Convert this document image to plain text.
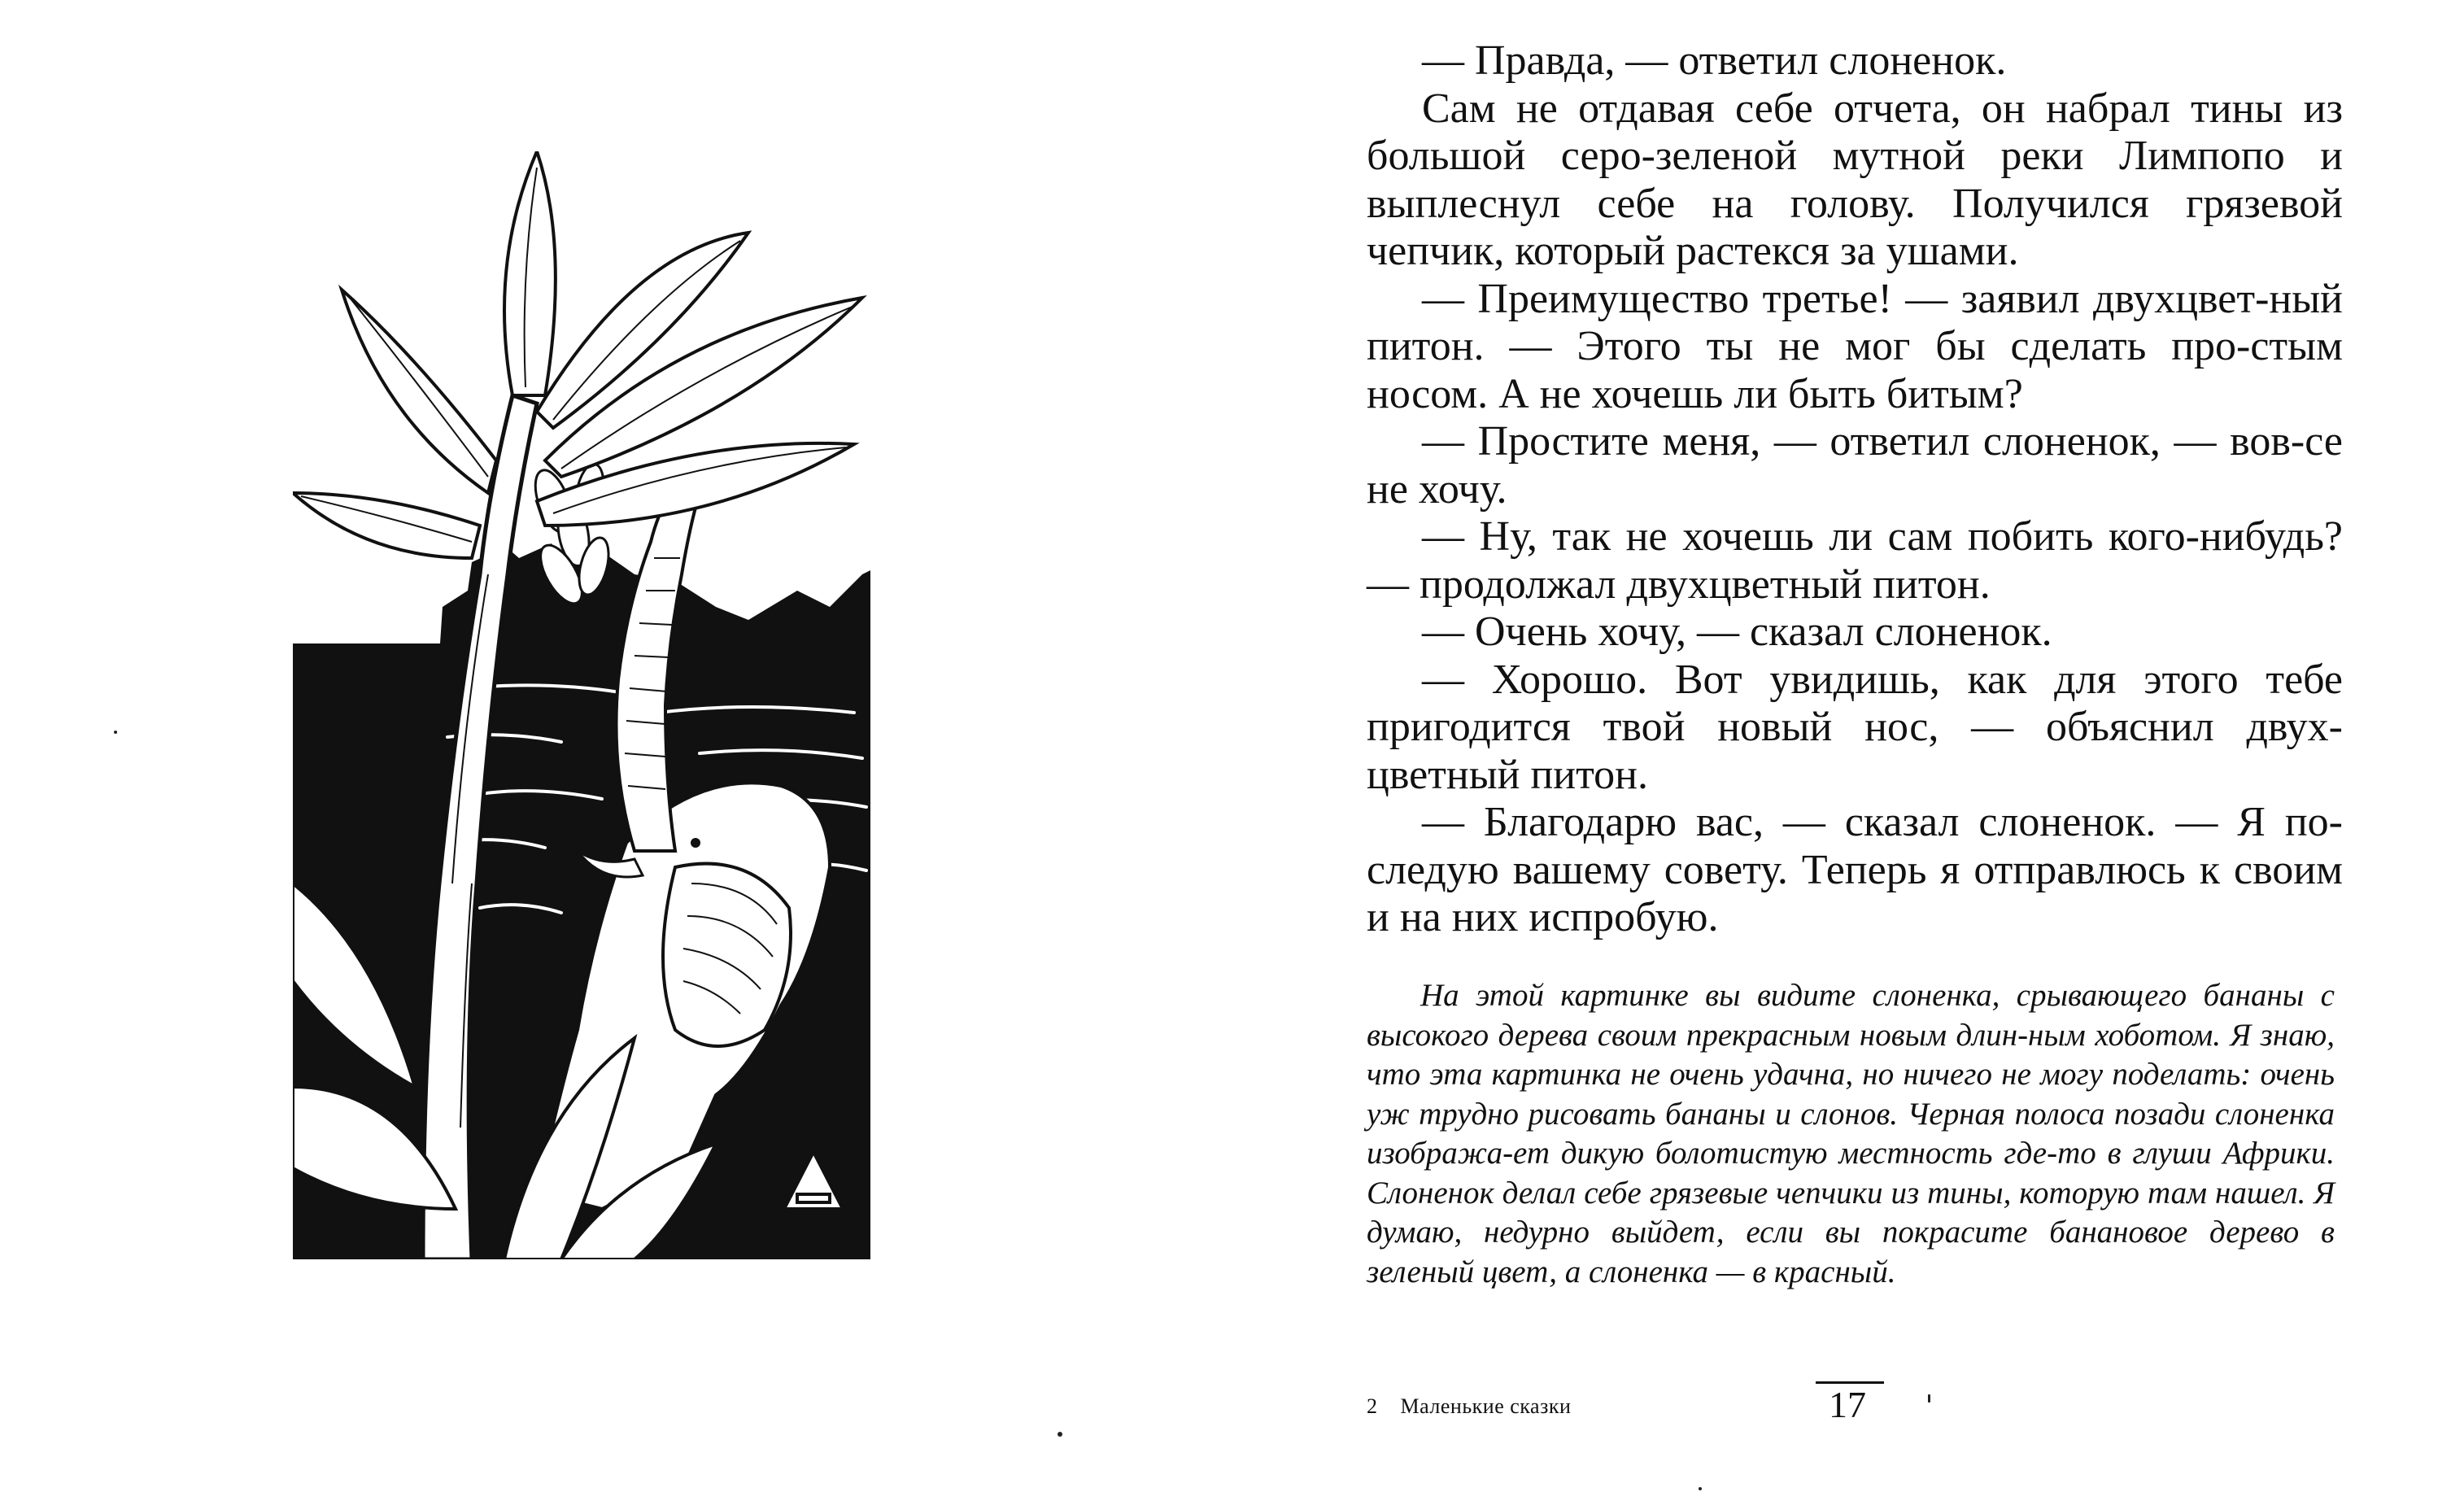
— Правда, — ответил слоненок.

Сам не отдавая себе отчета, он набрал тины из большой серо-зеленой мутной реки Лимпопо и выплеснул себе на голову. Получился грязевой чепчик, который растекся за ушами.

— Преимущество третье! — заявил двухцвет-ный питон. — Этого ты не мог бы сделать про-стым носом. А не хочешь ли быть битым?

— Простите меня, — ответил слоненок, — вов-се не хочу.

— Ну, так не хочешь ли сам побить кого-нибудь? — продолжал двухцветный питон.

— Очень хочу, — сказал слоненок.

— Хорошо. Вот увидишь, как для этого тебе пригодится твой новый нос, — объяснил двух-цветный питон.

— Благодарю вас, — сказал слоненок. — Я по-следую вашему совету. Теперь я отправлюсь к своим и на них испробую.

На этой картинке вы видите слоненка, срывающего бананы с высокого дерева своим прекрасным новым длин-ным хоботом. Я знаю, что эта картинка не очень удачна, но ничего не могу поделать: очень уж трудно рисовать бананы и слонов. Черная полоса позади слоненка изобража-ет дикую болотистую местность где-то в глуши Африки. Слоненок делал себе грязевые чепчики из тины, которую там нашел. Я думаю, недурно выйдет, если вы покрасите банановое дерево в зеленый цвет, а слоненка — в красный.

2 Маленькие сказки	17
